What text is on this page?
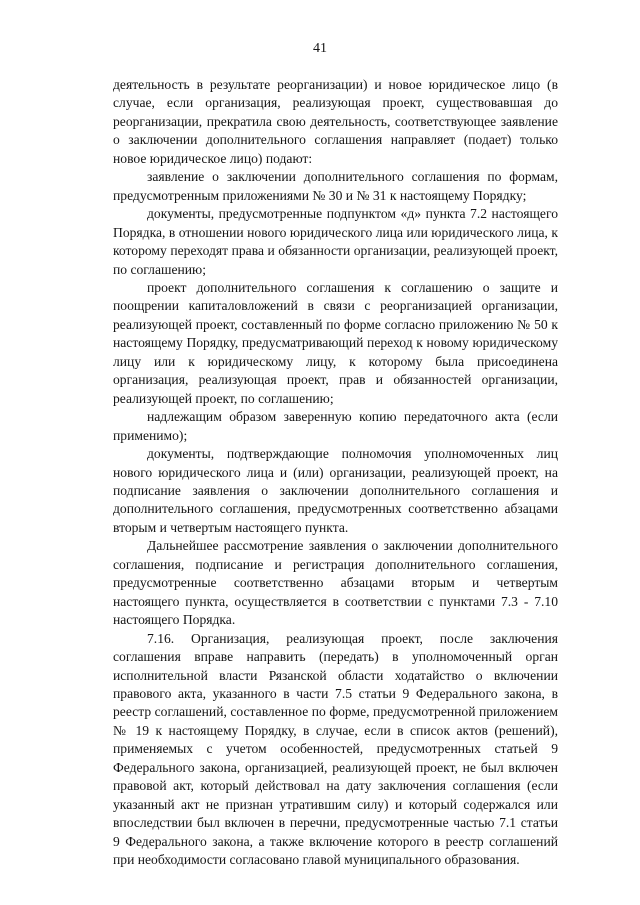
41

деятельность в результате реорганизации) и новое юридическое лицо (в случае, если организация, реализующая проект, существовавшая до реорганизации, прекратила свою деятельность, соответствующее заявление о заключении дополнительного соглашения направляет (подает) только новое юридическое лицо) подают:

заявление о заключении дополнительного соглашения по формам, предусмотренным приложениями № 30 и № 31 к настоящему Порядку;

документы, предусмотренные подпунктом «д» пункта 7.2 настоящего Порядка, в отношении нового юридического лица или юридического лица, к которому переходят права и обязанности организации, реализующей проект, по соглашению;

проект дополнительного соглашения к соглашению о защите и поощрении капиталовложений в связи с реорганизацией организации, реализующей проект, составленный по форме согласно приложению № 50 к настоящему Порядку, предусматривающий переход к новому юридическому лицу или к юридическому лицу, к которому была присоединена организация, реализующая проект, прав и обязанностей организации, реализующей проект, по соглашению;

надлежащим образом заверенную копию передаточного акта (если применимо);

документы, подтверждающие полномочия уполномоченных лиц нового юридического лица и (или) организации, реализующей проект, на подписание заявления о заключении дополнительного соглашения и дополнительного соглашения, предусмотренных соответственно абзацами вторым и четвертым настоящего пункта.

Дальнейшее рассмотрение заявления о заключении дополнительного соглашения, подписание и регистрация дополнительного соглашения, предусмотренные соответственно абзацами вторым и четвертым настоящего пункта, осуществляется в соответствии с пунктами 7.3 - 7.10 настоящего Порядка.

7.16. Организация, реализующая проект, после заключения соглашения вправе направить (передать) в уполномоченный орган исполнительной власти Рязанской области ходатайство о включении правового акта, указанного в части 7.5 статьи 9 Федерального закона, в реестр соглашений, составленное по форме, предусмотренной приложением № 19 к настоящему Порядку, в случае, если в список актов (решений), применяемых с учетом особенностей, предусмотренных статьей 9 Федерального закона, организацией, реализующей проект, не был включен правовой акт, который действовал на дату заключения соглашения (если указанный акт не признан утратившим силу) и который содержался или впоследствии был включен в перечни, предусмотренные частью 7.1 статьи 9 Федерального закона, а также включение которого в реестр соглашений при необходимости согласовано главой муниципального образования.
